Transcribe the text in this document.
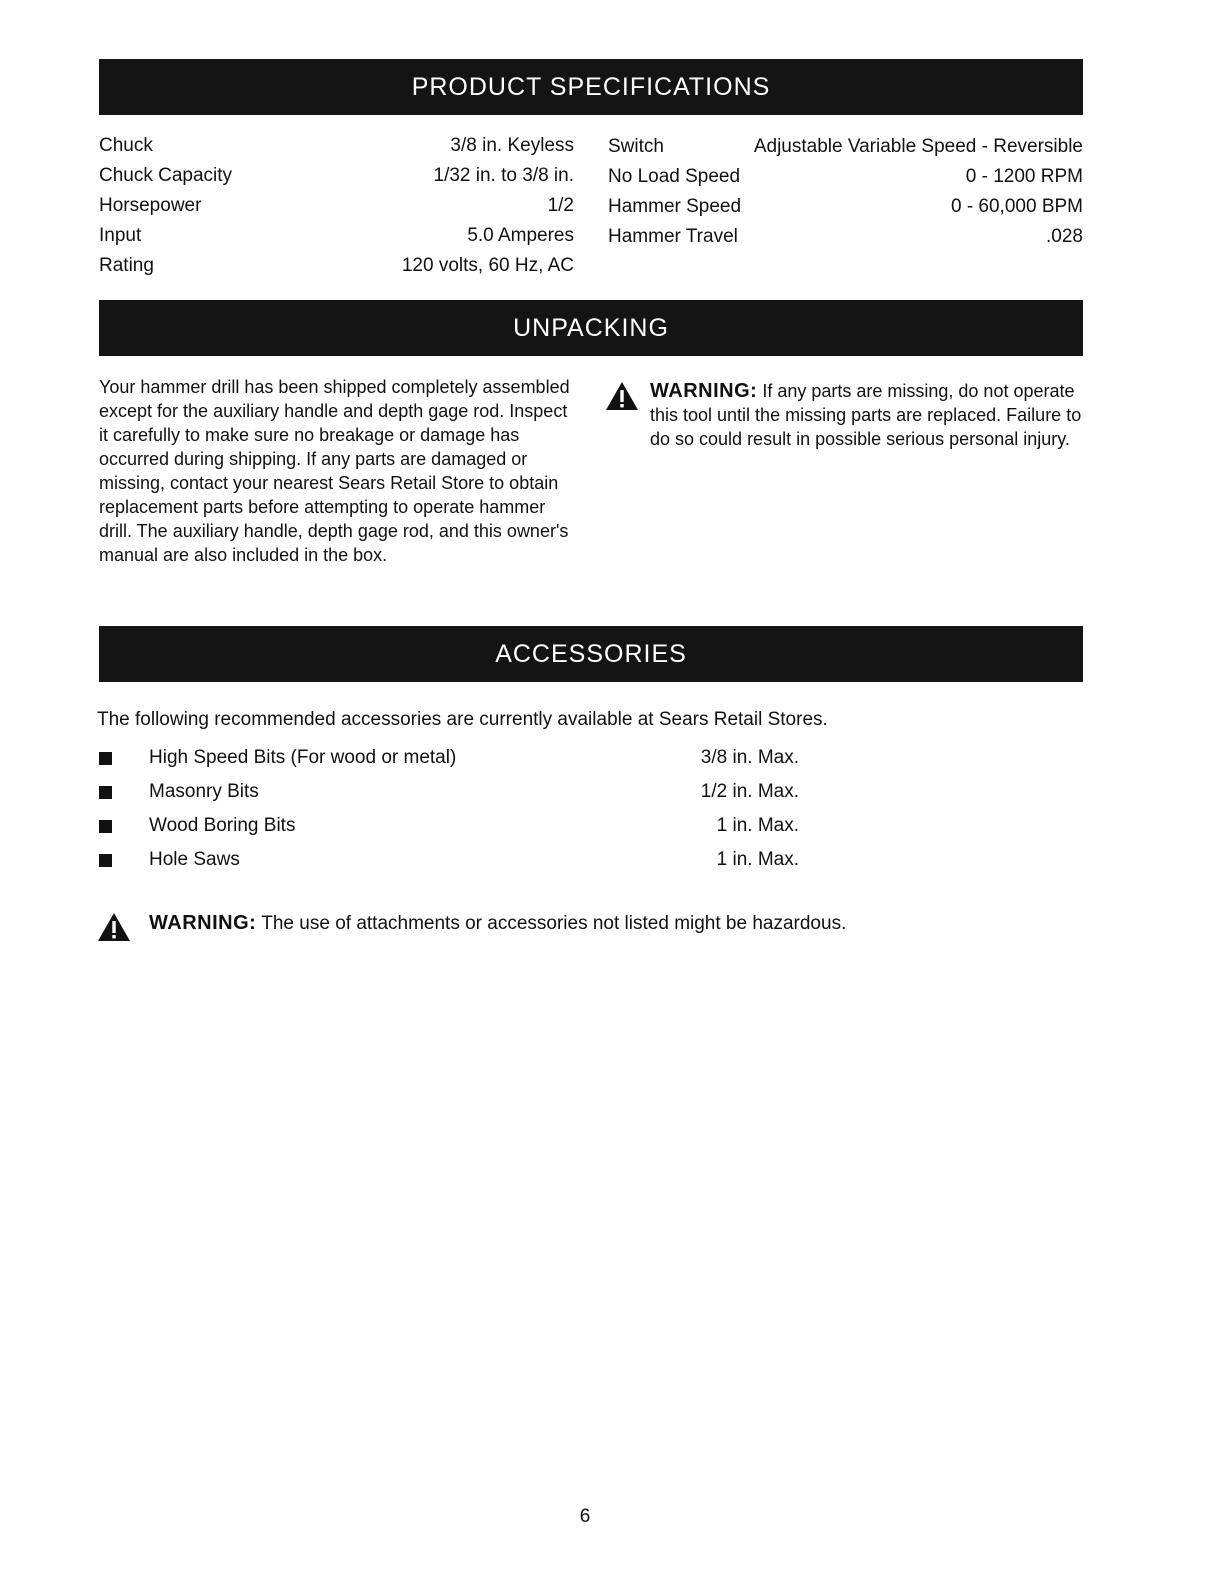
PRODUCT SPECIFICATIONS
Chuck	3/8 in. Keyless
Chuck Capacity	1/32 in. to 3/8 in.
Horsepower	1/2
Input	5.0 Amperes
Rating	120 volts, 60 Hz, AC
Switch	Adjustable Variable Speed - Reversible
No Load Speed	0 - 1200 RPM
Hammer Speed	0 - 60,000 BPM
Hammer Travel	.028
UNPACKING

Your hammer drill has been shipped completely assembled except for the auxiliary handle and depth gage rod. Inspect it carefully to make sure no breakage or damage has occurred during shipping. If any parts are damaged or missing, contact your nearest Sears Retail Store to obtain replacement parts before attempting to operate hammer drill. The auxiliary handle, depth gage rod, and this owner's manual are also included in the box.

WARNING: If any parts are missing, do not operate this tool until the missing parts are replaced. Failure to do so could result in possible serious personal injury.

ACCESSORIES

The following recommended accessories are currently available at Sears Retail Stores.

High Speed Bits (For wood or metal)	3/8 in. Max.
Masonry Bits	1/2 in. Max.
Wood Boring Bits	1 in. Max.
Hole Saws	1 in. Max.

WARNING: The use of attachments or accessories not listed might be hazardous.

6
